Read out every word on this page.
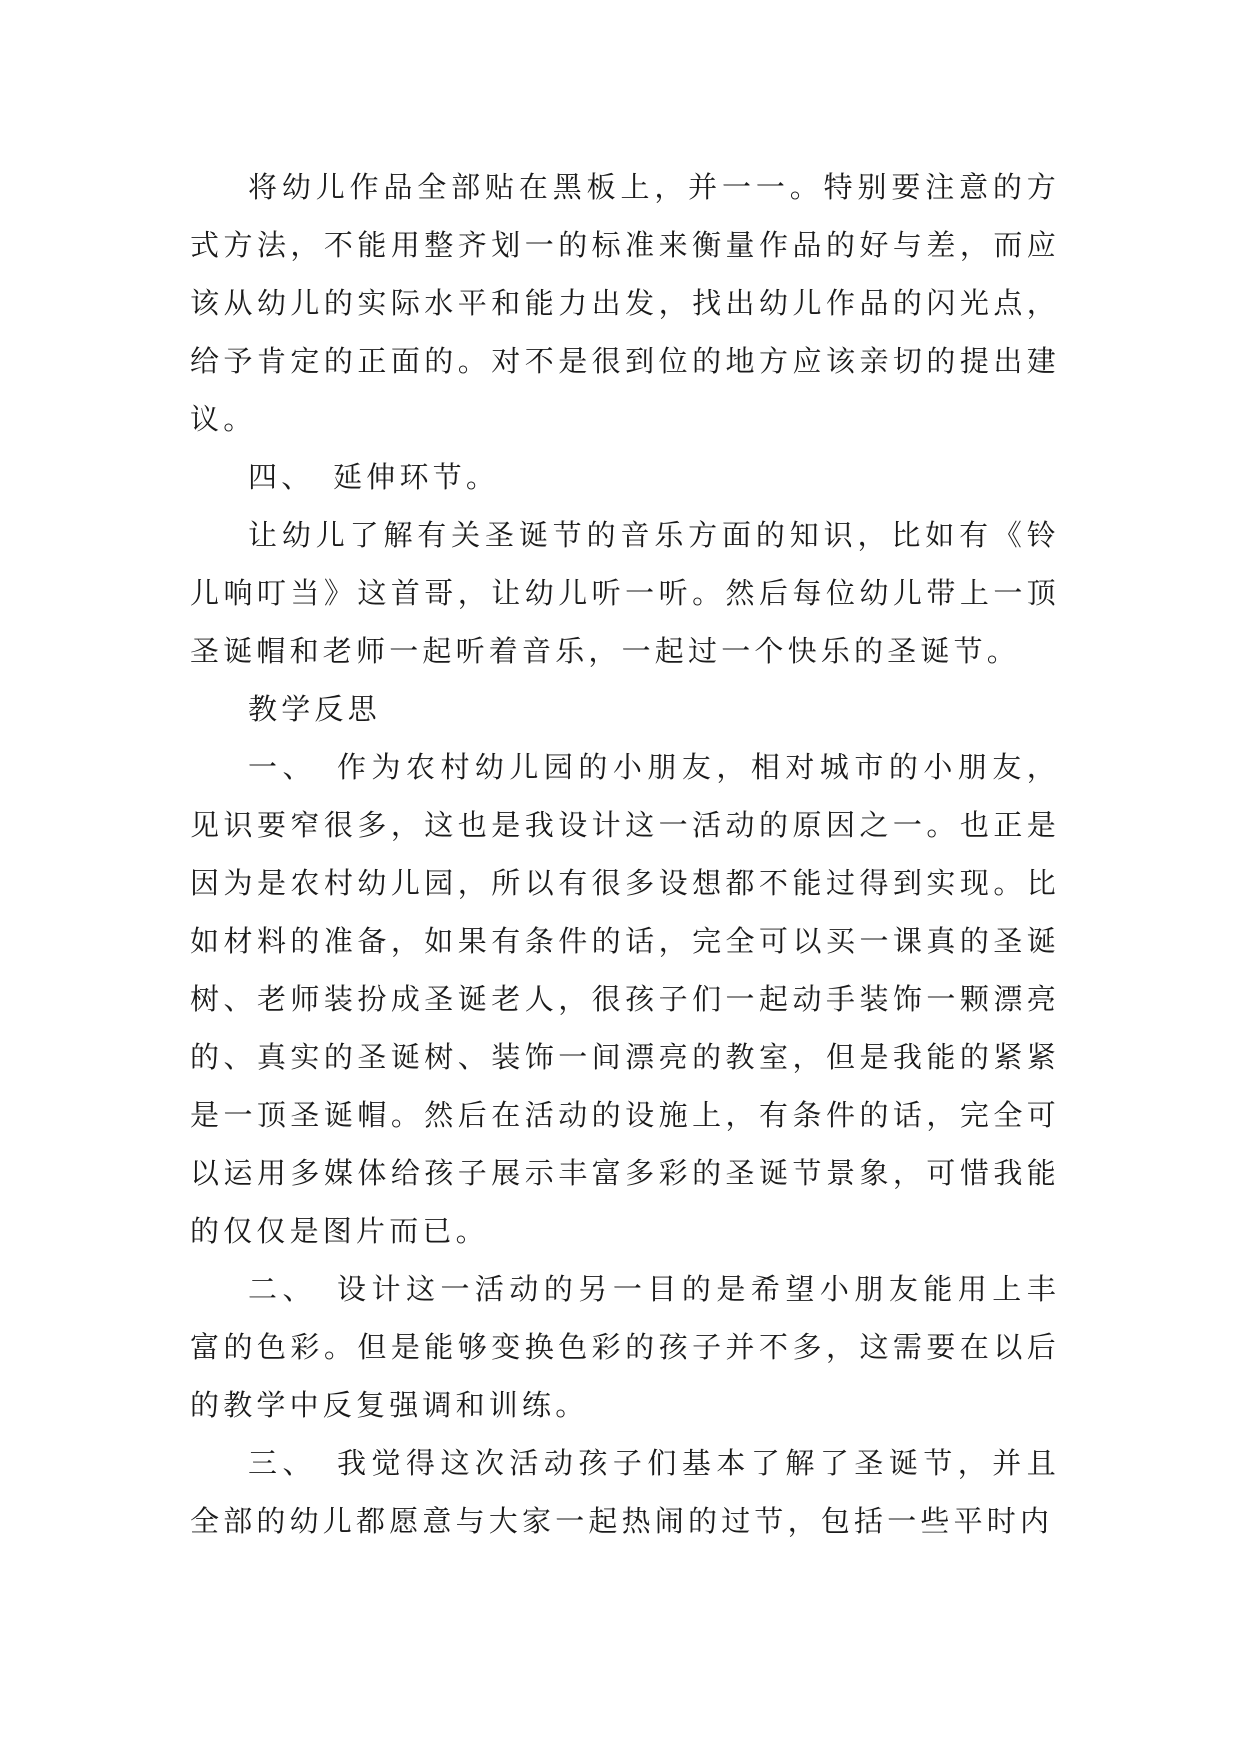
将幼儿作品全部贴在黑板上，并一一。特别要注意的方式方法，不能用整齐划一的标准来衡量作品的好与差，而应该从幼儿的实际水平和能力出发，找出幼儿作品的闪光点，给予肯定的正面的。对不是很到位的地方应该亲切的提出建议。

四、　延伸环节。

让幼儿了解有关圣诞节的音乐方面的知识，比如有《铃儿响叮当》这首哥，让幼儿听一听。然后每位幼儿带上一顶圣诞帽和老师一起听着音乐，一起过一个快乐的圣诞节。

教学反思

一、　作为农村幼儿园的小朋友，相对城市的小朋友，见识要窄很多，这也是我设计这一活动的原因之一。也正是因为是农村幼儿园，所以有很多设想都不能过得到实现。比如材料的准备，如果有条件的话，完全可以买一课真的圣诞树、老师装扮成圣诞老人，很孩子们一起动手装饰一颗漂亮的、真实的圣诞树、装饰一间漂亮的教室，但是我能的紧紧是一顶圣诞帽。然后在活动的设施上，有条件的话，完全可以运用多媒体给孩子展示丰富多彩的圣诞节景象，可惜我能的仅仅是图片而已。

二、　设计这一活动的另一目的是希望小朋友能用上丰富的色彩。但是能够变换色彩的孩子并不多，这需要在以后的教学中反复强调和训练。

三、　我觉得这次活动孩子们基本了解了圣诞节，并且全部的幼儿都愿意与大家一起热闹的过节，包括一些平时内
